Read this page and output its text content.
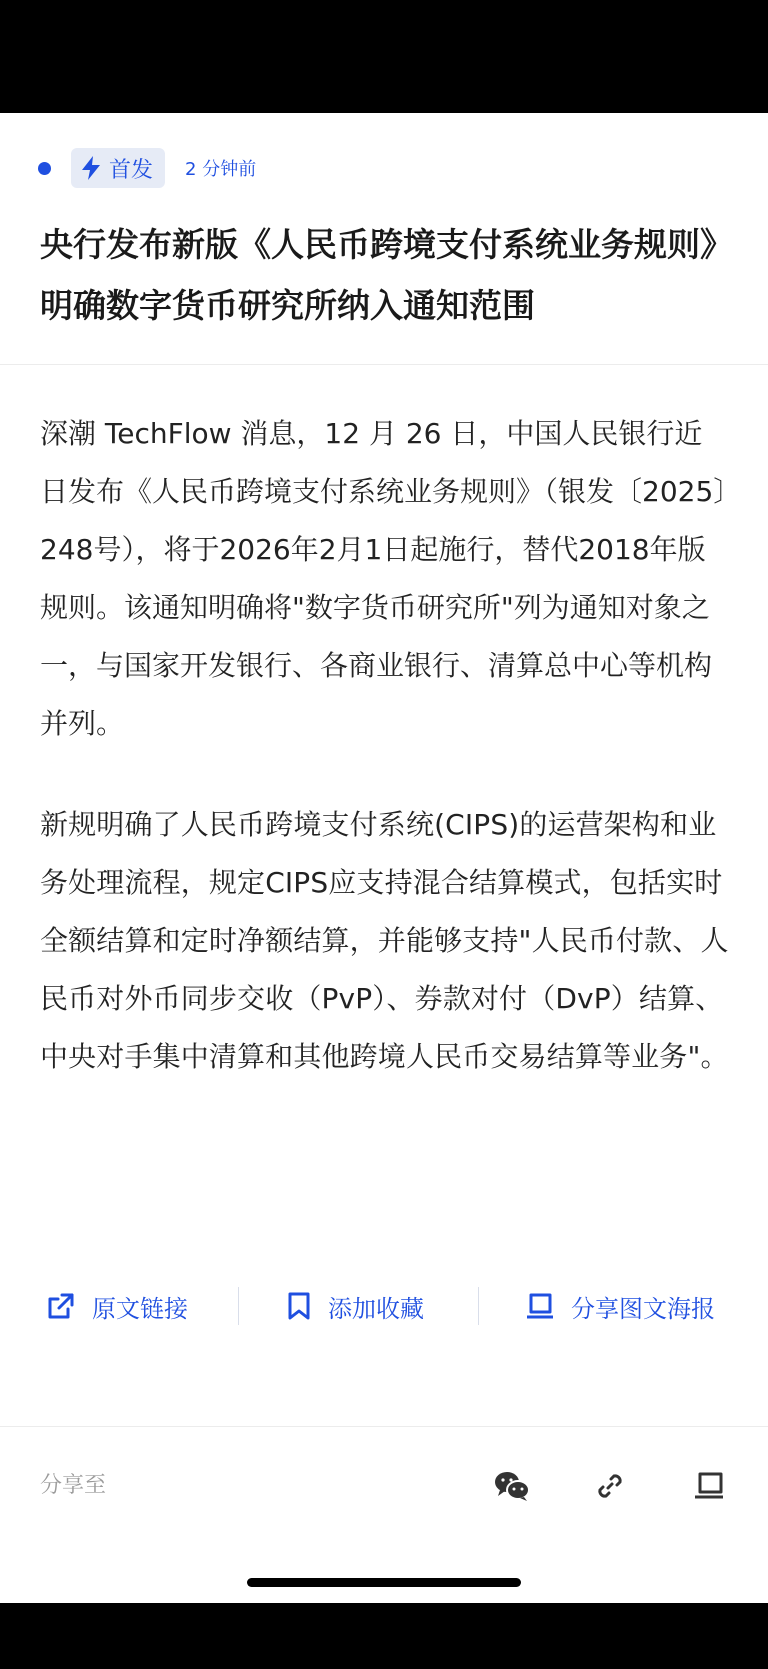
首发 2 分钟前
央行发布新版《人民币跨境支付系统业务规则》明确数字货币研究所纳入通知范围

深潮 TechFlow 消息，12 月 26 日，中国人民银行近日发布《人民币跨境支付系统业务规则》（银发〔2025〕248号），将于2026年2月1日起施行，替代2018年版规则。该通知明确将"数字货币研究所"列为通知对象之一，与国家开发银行、各商业银行、清算总中心等机构并列。

新规明确了人民币跨境支付系统(CIPS)的运营架构和业务处理流程，规定CIPS应支持混合结算模式，包括实时全额结算和定时净额结算，并能够支持"人民币付款、人民币对外币同步交收（PvP）、券款对付（DvP）结算、中央对手集中清算和其他跨境人民币交易结算等业务"。

原文链接	添加收藏	分享图文海报
分享至
